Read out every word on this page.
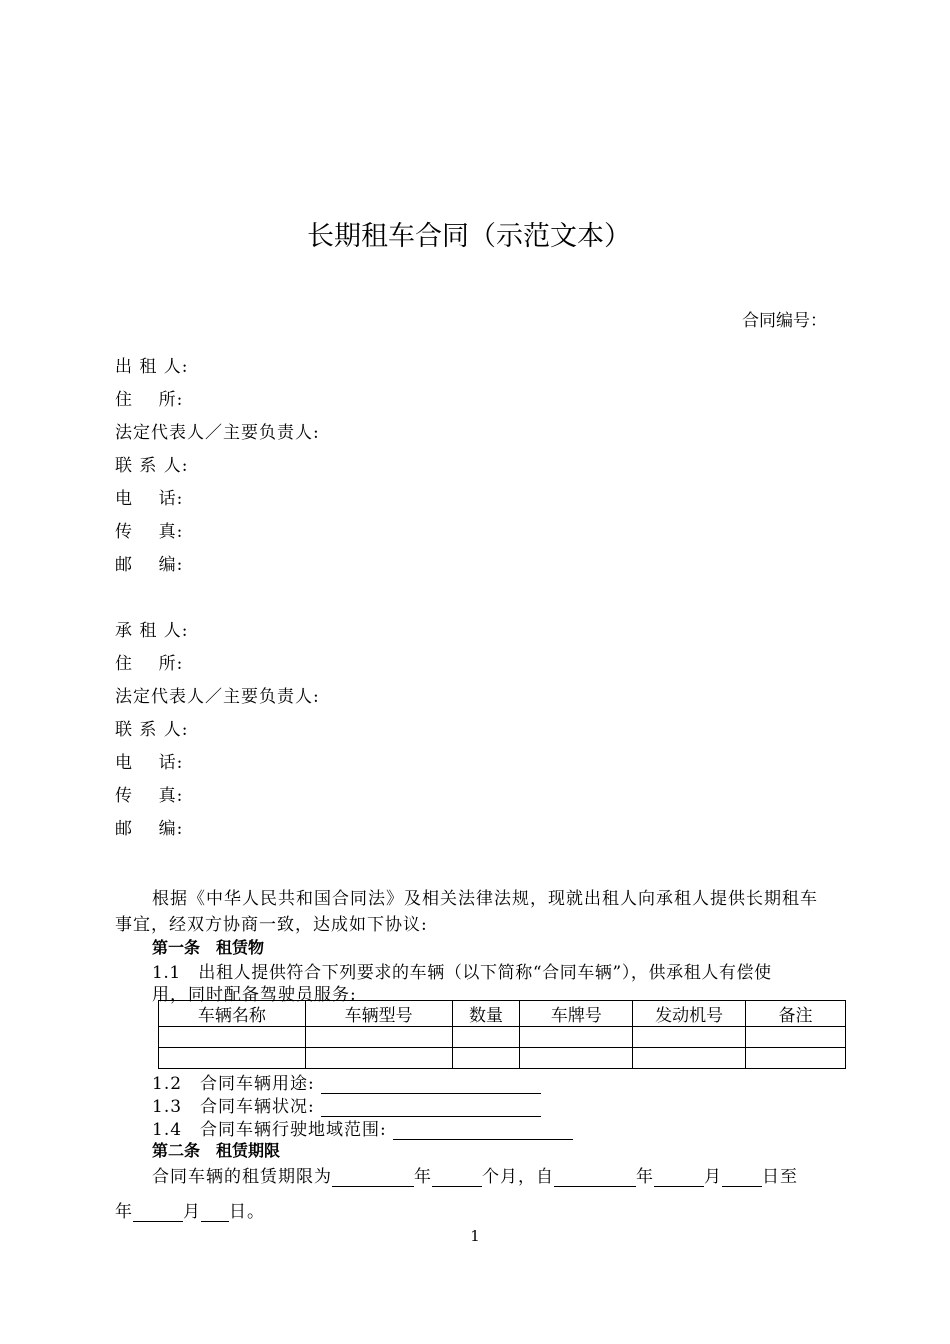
长期租车合同（示范文本）
合同编号：
出 租 人:
住    所:
法定代表人／主要负责人:
联 系 人:
电    话:
传    真:
邮    编:
承 租 人:
住    所:
法定代表人／主要负责人:
联 系 人:
电    话:
传    真:
邮    编:
根据《中华人民共和国合同法》及相关法律法规，现就出租人向承租人提供长期租车
事宜，经双方协商一致，达成如下协议:
第一条　租赁物
1.1　出租人提供符合下列要求的车辆（以下简称“合同车辆”），供承租人有偿使
用，同时配备驾驶员服务:
车辆名称	车辆型号	数量	车牌号	发动机号	备注

1.2　合同车辆用途:
1.3　合同车辆状况:
1.4　合同车辆行驶地域范围:
第二条　租赁期限
合同车辆的租赁期限为	年	个月，自	年	月 日至
年	月 日。
1
